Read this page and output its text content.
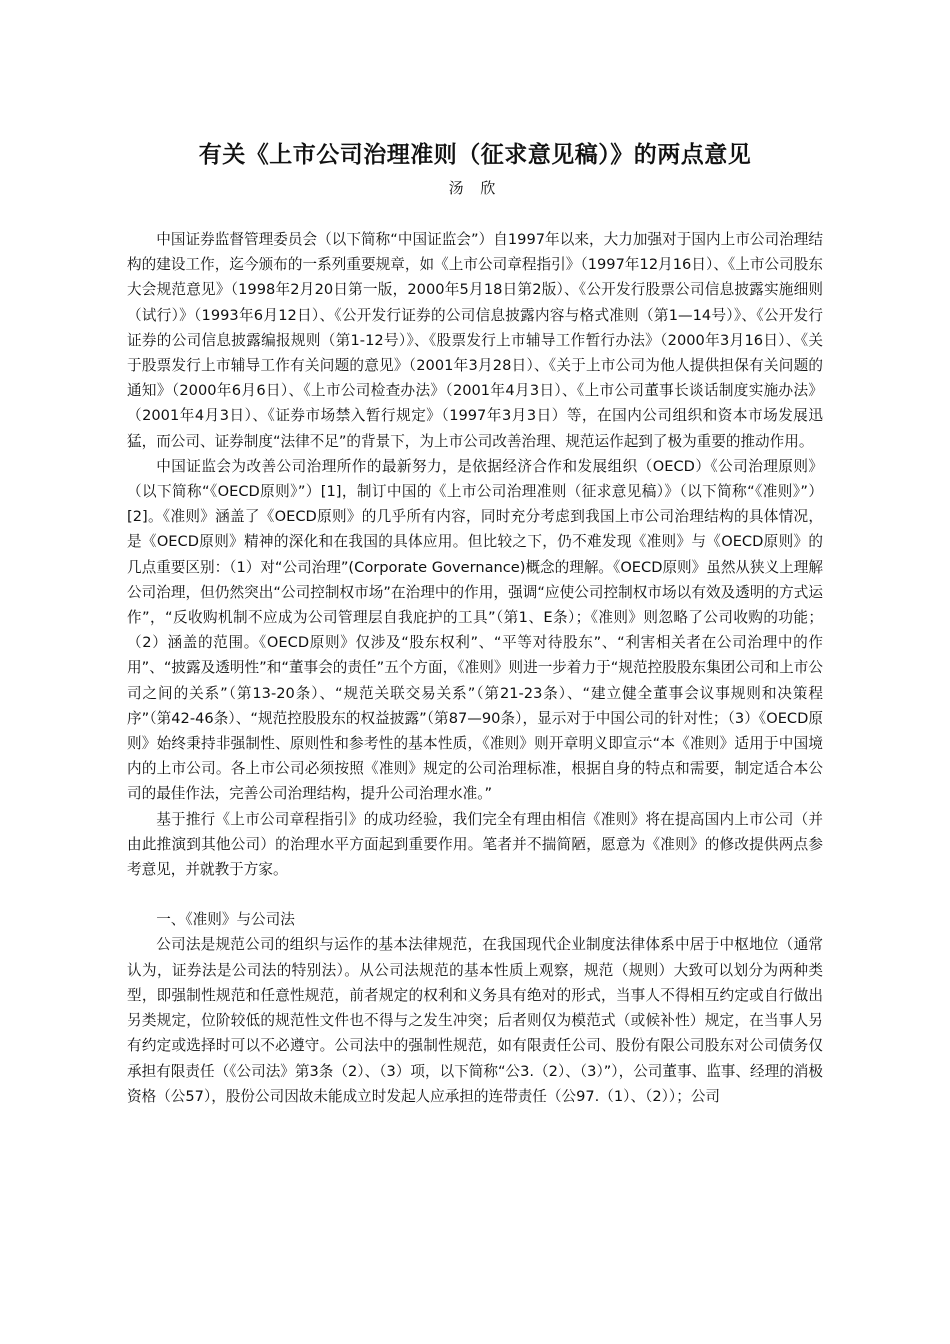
有关《上市公司治理准则（征求意见稿）》的两点意见
汤 欣

中国证券监督管理委员会（以下简称“中国证监会”）自1997年以来，大力加强对于国内上市公司治理结构的建设工作，迄今颁布的一系列重要规章，如《上市公司章程指引》（1997年12月16日）、《上市公司股东大会规范意见》（1998年2月20日第一版，2000年5月18日第2版）、《公开发行股票公司信息披露实施细则（试行）》（1993年6月12日）、《公开发行证券的公司信息披露内容与格式准则（第1—14号）》、《公开发行证券的公司信息披露编报规则（第1-12号）》、《股票发行上市辅导工作暂行办法》（2000年3月16日）、《关于股票发行上市辅导工作有关问题的意见》（2001年3月28日）、《关于上市公司为他人提供担保有关问题的通知》（2000年6月6日）、《上市公司检查办法》（2001年4月3日）、《上市公司董事长谈话制度实施办法》（2001年4月3日）、《证券市场禁入暂行规定》（1997年3月3日）等，在国内公司组织和资本市场发展迅猛，而公司、证券制度“法律不足”的背景下，为上市公司改善治理、规范运作起到了极为重要的推动作用。

中国证监会为改善公司治理所作的最新努力，是依据经济合作和发展组织（OECD）《公司治理原则》（以下简称“《OECD原则》”）[1]，制订中国的《上市公司治理准则（征求意见稿）》（以下简称“《准则》”）[2]。《准则》涵盖了《OECD原则》的几乎所有内容，同时充分考虑到我国上市公司治理结构的具体情况，是《OECD原则》精神的深化和在我国的具体应用。但比较之下，仍不难发现《准则》与《OECD原则》的几点重要区别：（1）对“公司治理”(Corporate Governance)概念的理解。《OECD原则》虽然从狭义上理解公司治理，但仍然突出“公司控制权市场”在治理中的作用，强调“应使公司控制权市场以有效及透明的方式运作”，“反收购机制不应成为公司管理层自我庇护的工具”（第1、E条）；《准则》则忽略了公司收购的功能；（2）涵盖的范围。《OECD原则》仅涉及“股东权利”、“平等对待股东”、“利害相关者在公司治理中的作用”、“披露及透明性”和“董事会的责任”五个方面，《准则》则进一步着力于“规范控股股东集团公司和上市公司之间的关系”（第13-20条）、“规范关联交易关系”（第21-23条）、“建立健全董事会议事规则和决策程序”（第42-46条）、“规范控股股东的权益披露”（第87—90条），显示对于中国公司的针对性；（3）《OECD原则》始终秉持非强制性、原则性和参考性的基本性质，《准则》则开章明义即宣示“本《准则》适用于中国境内的上市公司。各上市公司必须按照《准则》规定的公司治理标准，根据自身的特点和需要，制定适合本公司的最佳作法，完善公司治理结构，提升公司治理水准。”

基于推行《上市公司章程指引》的成功经验，我们完全有理由相信《准则》将在提高国内上市公司（并由此推演到其他公司）的治理水平方面起到重要作用。笔者并不揣简陋，愿意为《准则》的修改提供两点参考意见，并就教于方家。

一、《准则》与公司法

公司法是规范公司的组织与运作的基本法律规范，在我国现代企业制度法律体系中居于中枢地位（通常认为，证券法是公司法的特别法）。从公司法规范的基本性质上观察，规范（规则）大致可以划分为两种类型，即强制性规范和任意性规范，前者规定的权利和义务具有绝对的形式，当事人不得相互约定或自行做出另类规定，位阶较低的规范性文件也不得与之发生冲突；后者则仅为模范式（或候补性）规定，在当事人另有约定或选择时可以不必遵守。公司法中的强制性规范，如有限责任公司、股份有限公司股东对公司债务仅承担有限责任（《公司法》第3条（2）、（3）项，以下简称“公3.（2）、（3）”），公司董事、监事、经理的消极资格（公57），股份公司因故未能成立时发起人应承担的连带责任（公97.（1）、（2））；公司
